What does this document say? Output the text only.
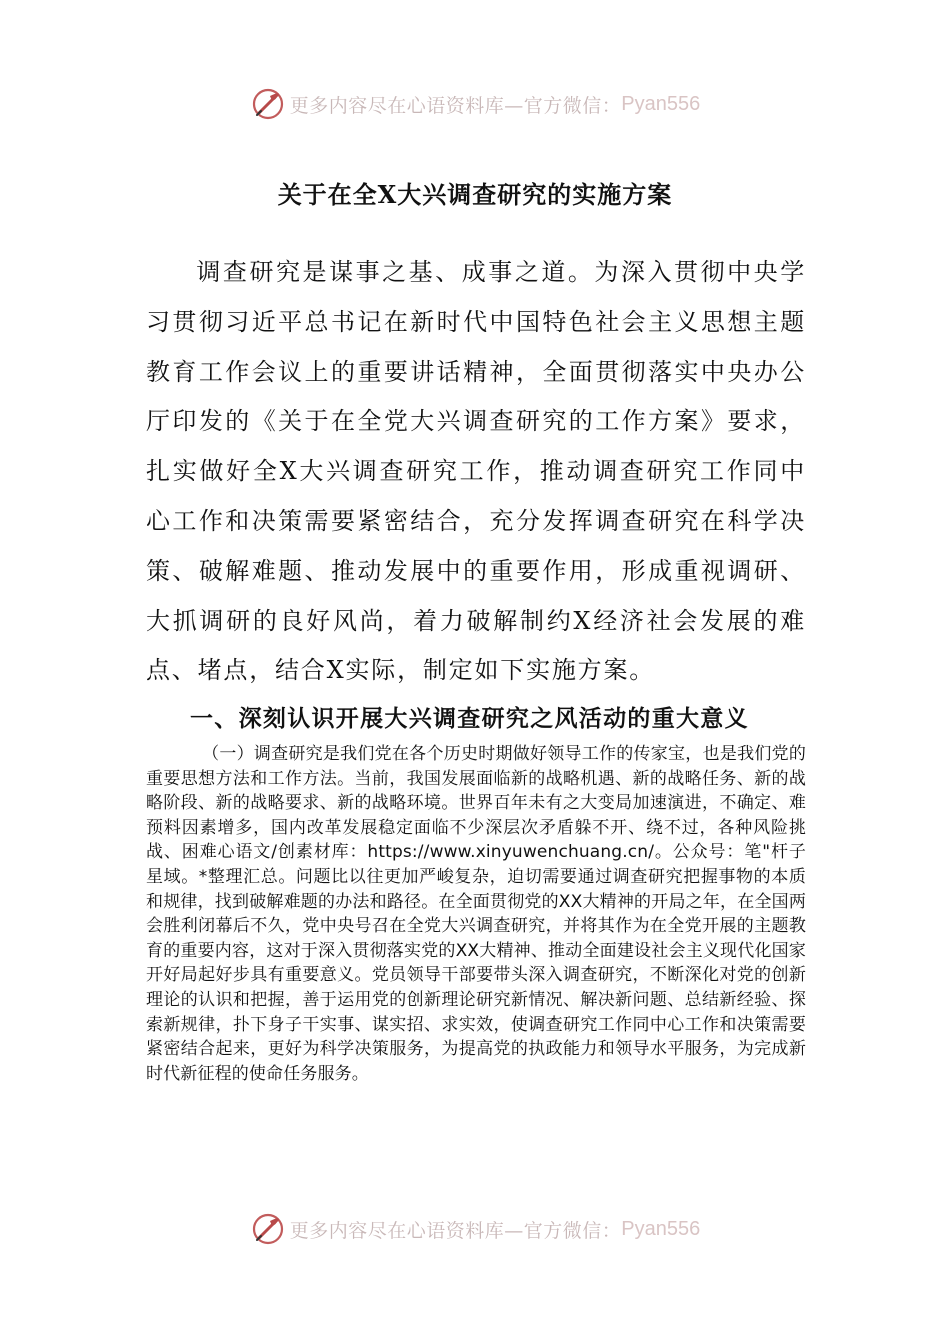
更多内容尽在心语资料库—官方微信： Pyan556
关于在全X大兴调查研究的实施方案

调查研究是谋事之基、成事之道。为深入贯彻中央学习贯彻习近平总书记在新时代中国特色社会主义思想主题教育工作会议上的重要讲话精神，全面贯彻落实中央办公厅印发的《关于在全党大兴调查研究的工作方案》要求，扎实做好全X大兴调查研究工作，推动调查研究工作同中心工作和决策需要紧密结合，充分发挥调查研究在科学决策、破解难题、推动发展中的重要作用，形成重视调研、大抓调研的良好风尚，着力破解制约X经济社会发展的难点、堵点，结合X实际，制定如下实施方案。

一、深刻认识开展大兴调查研究之风活动的重大意义

（一）调查研究是我们党在各个历史时期做好领导工作的传家宝，也是我们党的重要思想方法和工作方法。当前，我国发展面临新的战略机遇、新的战略任务、新的战略阶段、新的战略要求、新的战略环境。世界百年未有之大变局加速演进，不确定、难预料因素增多，国内改革发展稳定面临不少深层次矛盾躲不开、绕不过，各种风险挑战、困难心语文/创素材库：https://www.xinyuwenchuang.cn/。公众号：笔"杆子星域。*整理汇总。问题比以往更加严峻复杂，迫切需要通过调查研究把握事物的本质和规律，找到破解难题的办法和路径。在全面贯彻党的XX大精神的开局之年，在全国两会胜利闭幕后不久，党中央号召在全党大兴调查研究，并将其作为在全党开展的主题教育的重要内容，这对于深入贯彻落实党的XX大精神、推动全面建设社会主义现代化国家开好局起好步具有重要意义。党员领导干部要带头深入调查研究，不断深化对党的创新理论的认识和把握，善于运用党的创新理论研究新情况、解决新问题、总结新经验、探索新规律，扑下身子干实事、谋实招、求实效，使调查研究工作同中心工作和决策需要紧密结合起来，更好为科学决策服务，为提高党的执政能力和领导水平服务，为完成新时代新征程的使命任务服务。

更多内容尽在心语资料库—官方微信： Pyan556
